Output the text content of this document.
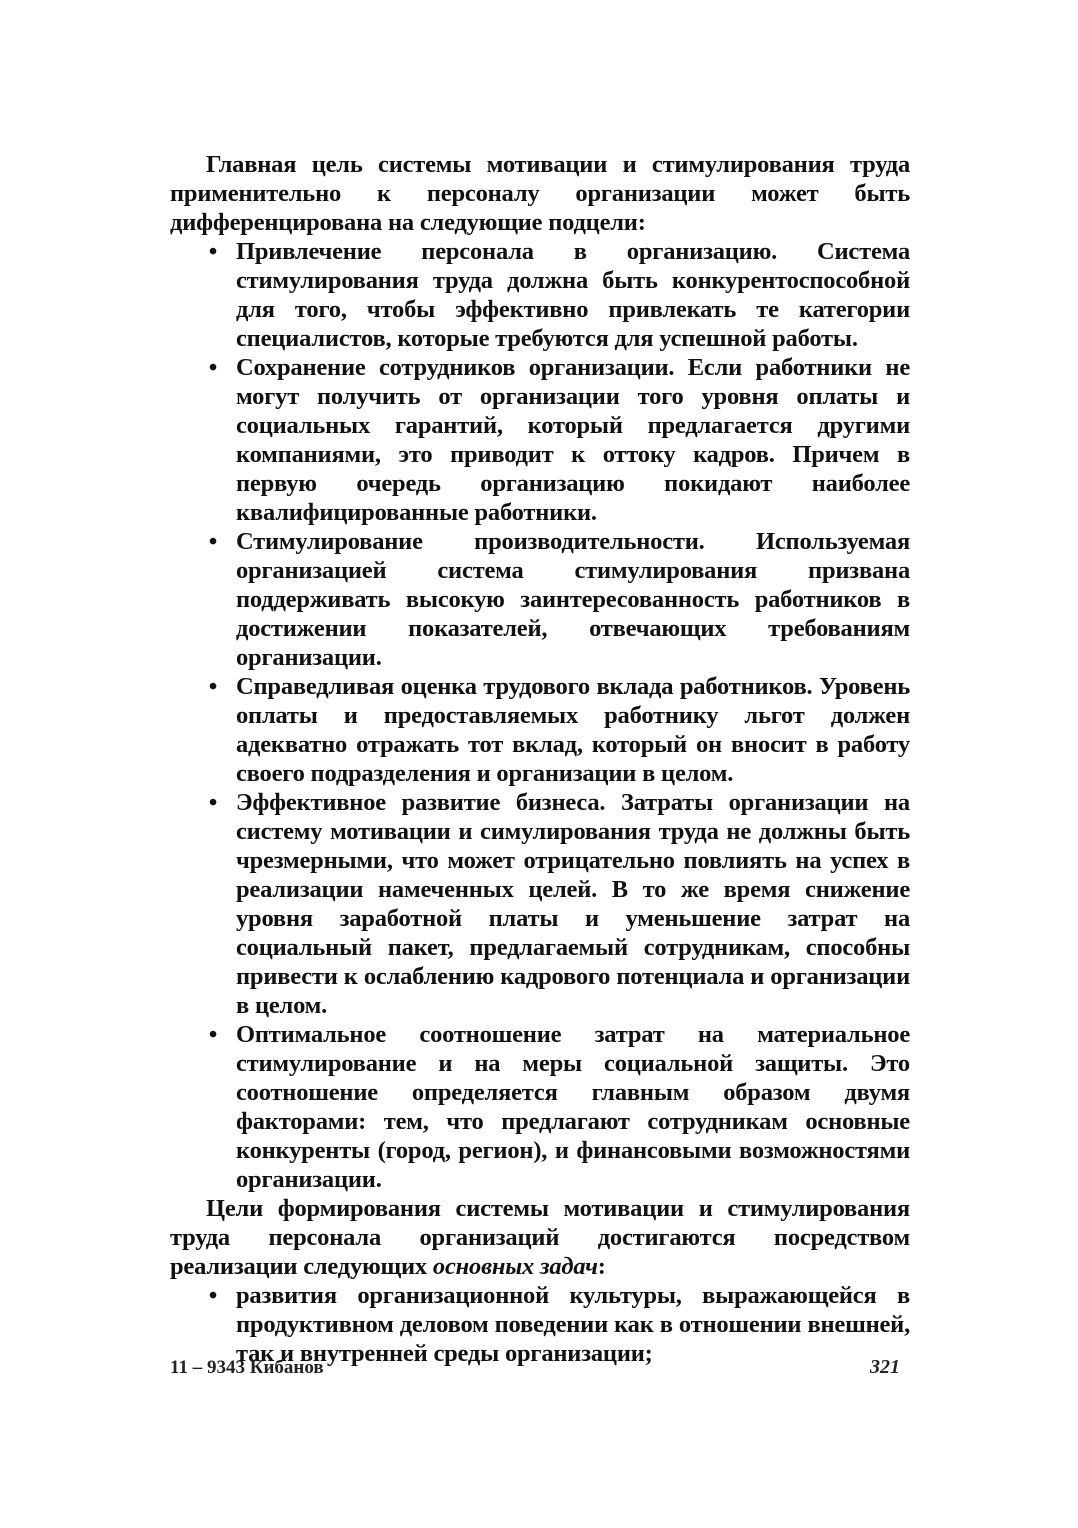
Главная цель системы мотивации и стимулирования труда применительно к персоналу организации может быть дифференцирована на следующие подцели:

• Привлечение персонала в организацию. Система стимулирования труда должна быть конкурентоспособной для того, чтобы эффективно привлекать те категории специалистов, которые требуются для успешной работы.
• Сохранение сотрудников организации. Если работники не могут получить от организации того уровня оплаты и социальных гарантий, который предлагается другими компаниями, это приводит к оттоку кадров. Причем в первую очередь организацию покидают наиболее квалифицированные работники.
• Стимулирование производительности. Используемая организацией система стимулирования призвана поддерживать высокую заинтересованность работников в достижении показателей, отвечающих требованиям организации.
• Справедливая оценка трудового вклада работников. Уровень оплаты и предоставляемых работнику льгот должен адекватно отражать тот вклад, который он вносит в работу своего подразделения и организации в целом.
• Эффективное развитие бизнеса. Затраты организации на систему мотивации и симулирования труда не должны быть чрезмерными, что может отрицательно повлиять на успех в реализации намеченных целей. В то же время снижение уровня заработной платы и уменьшение затрат на социальный пакет, предлагаемый сотрудникам, способны привести к ослаблению кадрового потенциала и организации в целом.
• Оптимальное соотношение затрат на материальное стимулирование и на меры социальной защиты. Это соотношение определяется главным образом двумя факторами: тем, что предлагают сотрудникам основные конкуренты (город, регион), и финансовыми возможностями организации.

Цели формирования системы мотивации и стимулирования труда персонала организаций достигаются посредством реализации следующих основных задач:

• развития организационной культуры, выражающейся в продуктивном деловом поведении как в отношении внешней, так и внутренней среды организации;
11 – 9343 Кибанов	321
